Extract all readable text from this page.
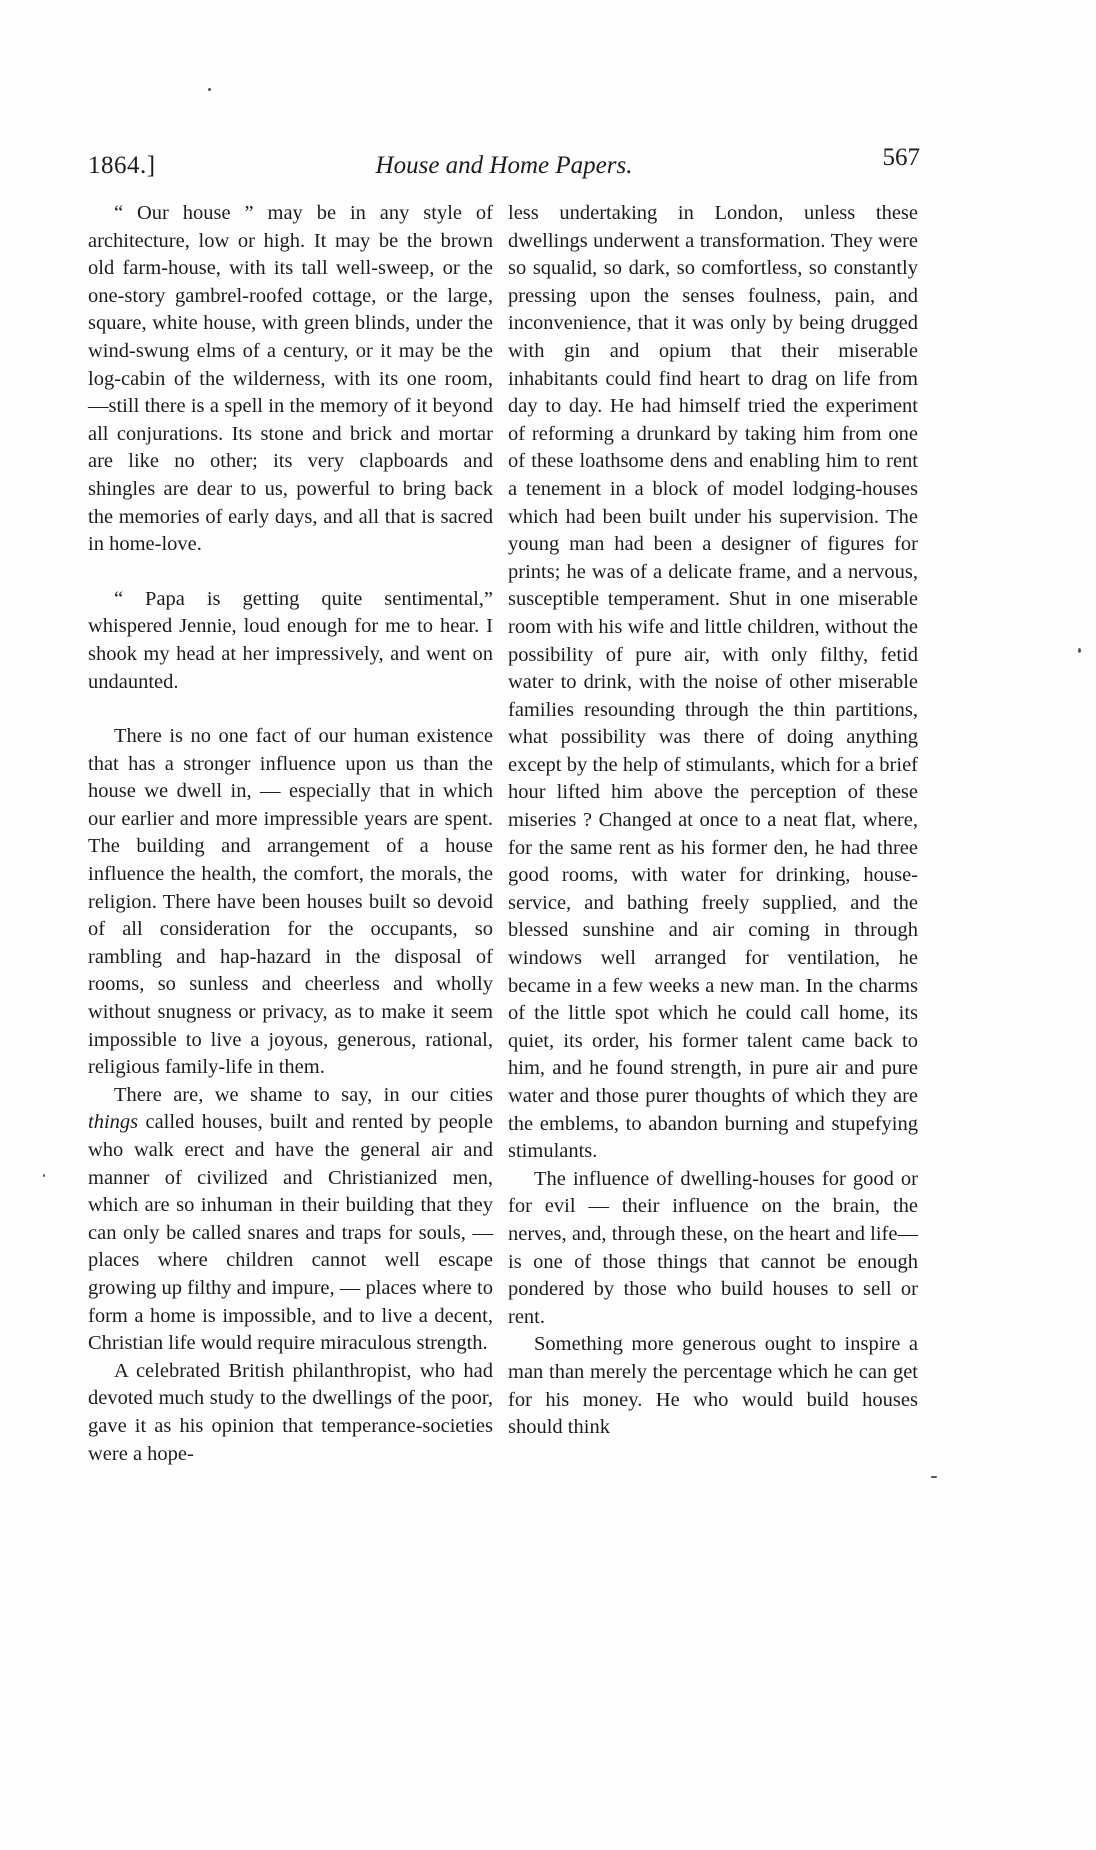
1864.]	House and Home Papers.	567

“ Our house ” may be in any style of architecture, low or high. It may be the brown old farm-house, with its tall well-sweep, or the one-story gambrel-roofed cottage, or the large, square, white house, with green blinds, under the wind-swung elms of a century, or it may be the log-cabin of the wilderness, with its one room, —still there is a spell in the memory of it beyond all conjurations. Its stone and brick and mortar are like no other; its very clapboards and shingles are dear to us, powerful to bring back the memories of early days, and all that is sacred in home-love.

“ Papa is getting quite sentimental,” whispered Jennie, loud enough for me to hear. I shook my head at her impressively, and went on undaunted.

There is no one fact of our human existence that has a stronger influence upon us than the house we dwell in, — especially that in which our earlier and more impressible years are spent. The building and arrangement of a house influence the health, the comfort, the morals, the religion. There have been houses built so devoid of all consideration for the occupants, so rambling and hap-hazard in the disposal of rooms, so sunless and cheerless and wholly without snugness or privacy, as to make it seem impossible to live a joyous, generous, rational, religious family-life in them.

There are, we shame to say, in our cities things called houses, built and rented by people who walk erect and have the general air and manner of civilized and Christianized men, which are so inhuman in their building that they can only be called snares and traps for souls, — places where children cannot well escape growing up filthy and impure, — places where to form a home is impossible, and to live a decent, Christian life would require miraculous strength.

A celebrated British philanthropist, who had devoted much study to the dwellings of the poor, gave it as his opinion that temperance-societies were a hope-

less undertaking in London, unless these dwellings underwent a transformation. They were so squalid, so dark, so comfortless, so constantly pressing upon the senses foulness, pain, and inconvenience, that it was only by being drugged with gin and opium that their miserable inhabitants could find heart to drag on life from day to day. He had himself tried the experiment of reforming a drunkard by taking him from one of these loathsome dens and enabling him to rent a tenement in a block of model lodging-houses which had been built under his supervision. The young man had been a designer of figures for prints; he was of a delicate frame, and a nervous, susceptible temperament. Shut in one miserable room with his wife and little children, without the possibility of pure air, with only filthy, fetid water to drink, with the noise of other miserable families resounding through the thin partitions, what possibility was there of doing anything except by the help of stimulants, which for a brief hour lifted him above the perception of these miseries ? Changed at once to a neat flat, where, for the same rent as his former den, he had three good rooms, with water for drinking, house-service, and bathing freely supplied, and the blessed sunshine and air coming in through windows well arranged for ventilation, he became in a few weeks a new man. In the charms of the little spot which he could call home, its quiet, its order, his former talent came back to him, and he found strength, in pure air and pure water and those purer thoughts of which they are the emblems, to abandon burning and stupefying stimulants.

The influence of dwelling-houses for good or for evil — their influence on the brain, the nerves, and, through these, on the heart and life—is one of those things that cannot be enough pondered by those who build houses to sell or rent.

Something more generous ought to inspire a man than merely the percentage which he can get for his money. He who would build houses should think
